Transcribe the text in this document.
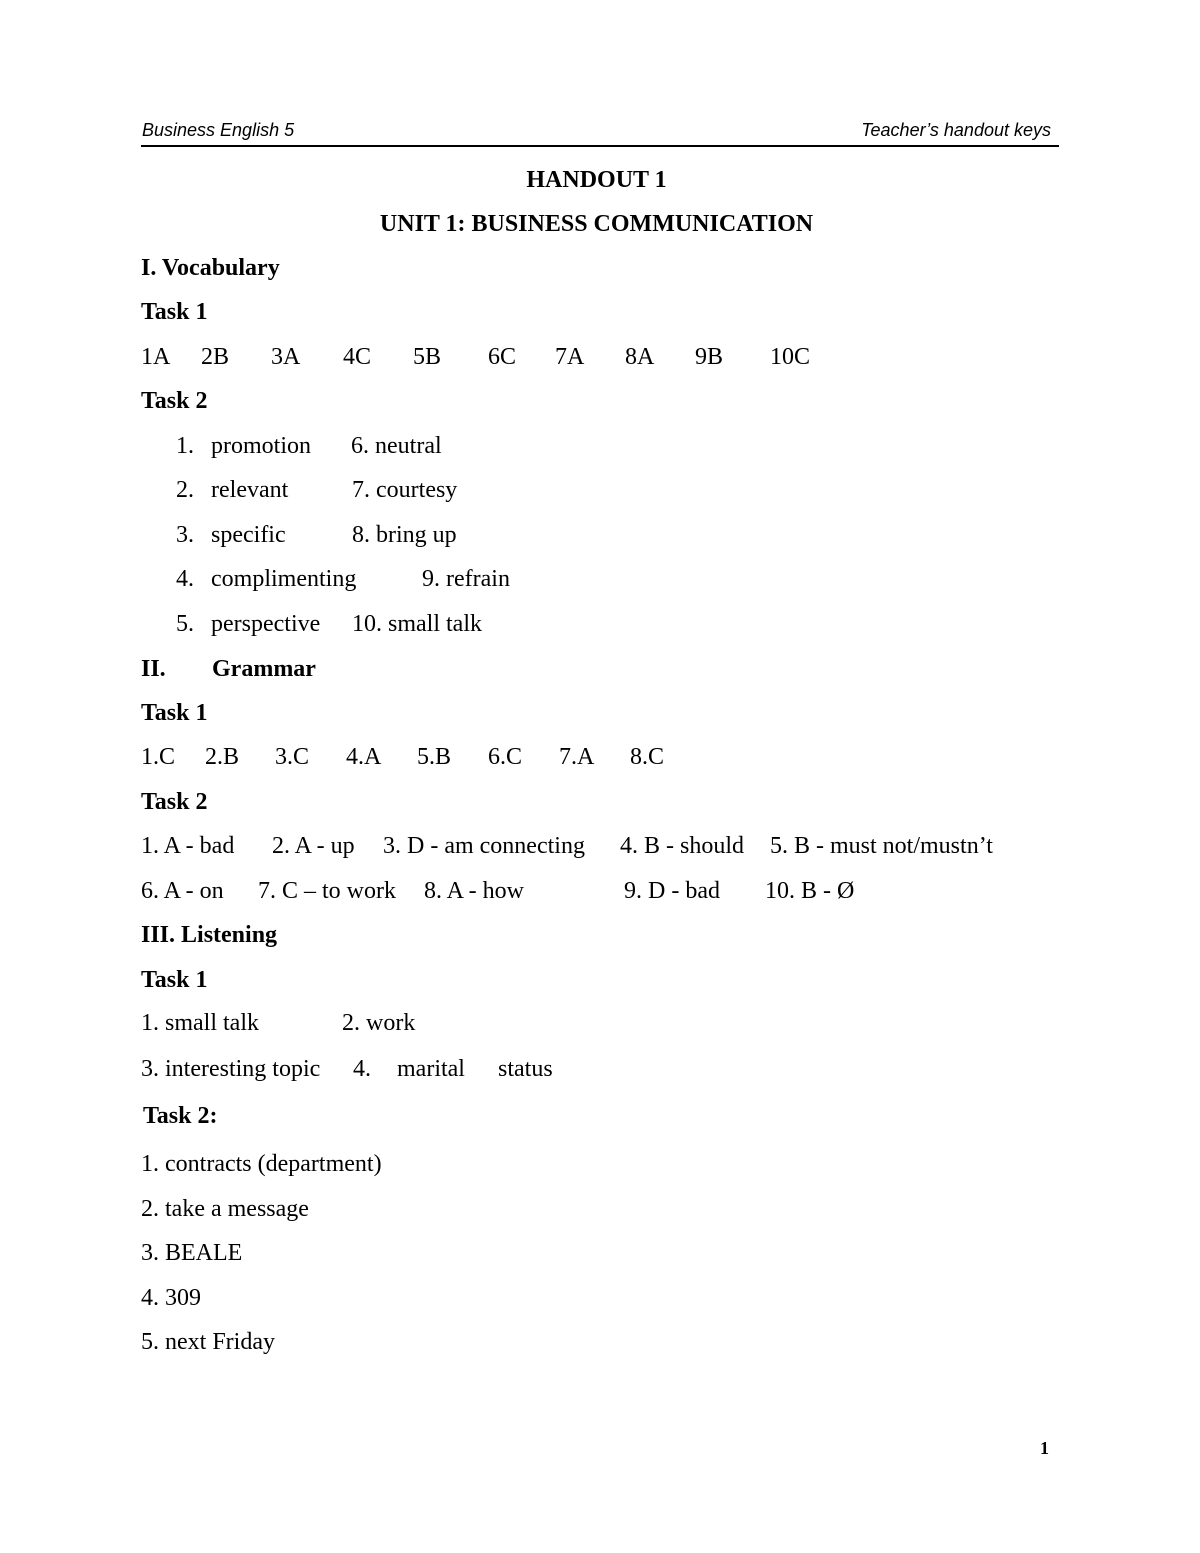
Business English 5	Teacher’s handout keys
HANDOUT 1
UNIT 1: BUSINESS COMMUNICATION
I. Vocabulary
Task 1
1A 2B 3A 4C 5B 6C 7A 8A 9B 10C
Task 2
1. promotion 6. neutral
2. relevant	7. courtesy
3. specific	8. bring up
4. complimenting	9. refrain
5. perspective 10. small talk
II. Grammar
Task 1
1.C 2.B 3.C 4.A 5.B 6.C 7.A 8.C
Task 2
1. A - bad 2. A - up 3. D - am connecting 4. B - should 5. B - must not/mustn’t
6. A - on 7. C – to work 8. A - how	9. D - bad 10. B - Ø
III. Listening
Task 1
1. small talk	2. work
3. interesting topic 4. marital status
Task 2:
1. contracts (department)
2. take a message
3. BEALE
4. 309
5. next Friday
1
